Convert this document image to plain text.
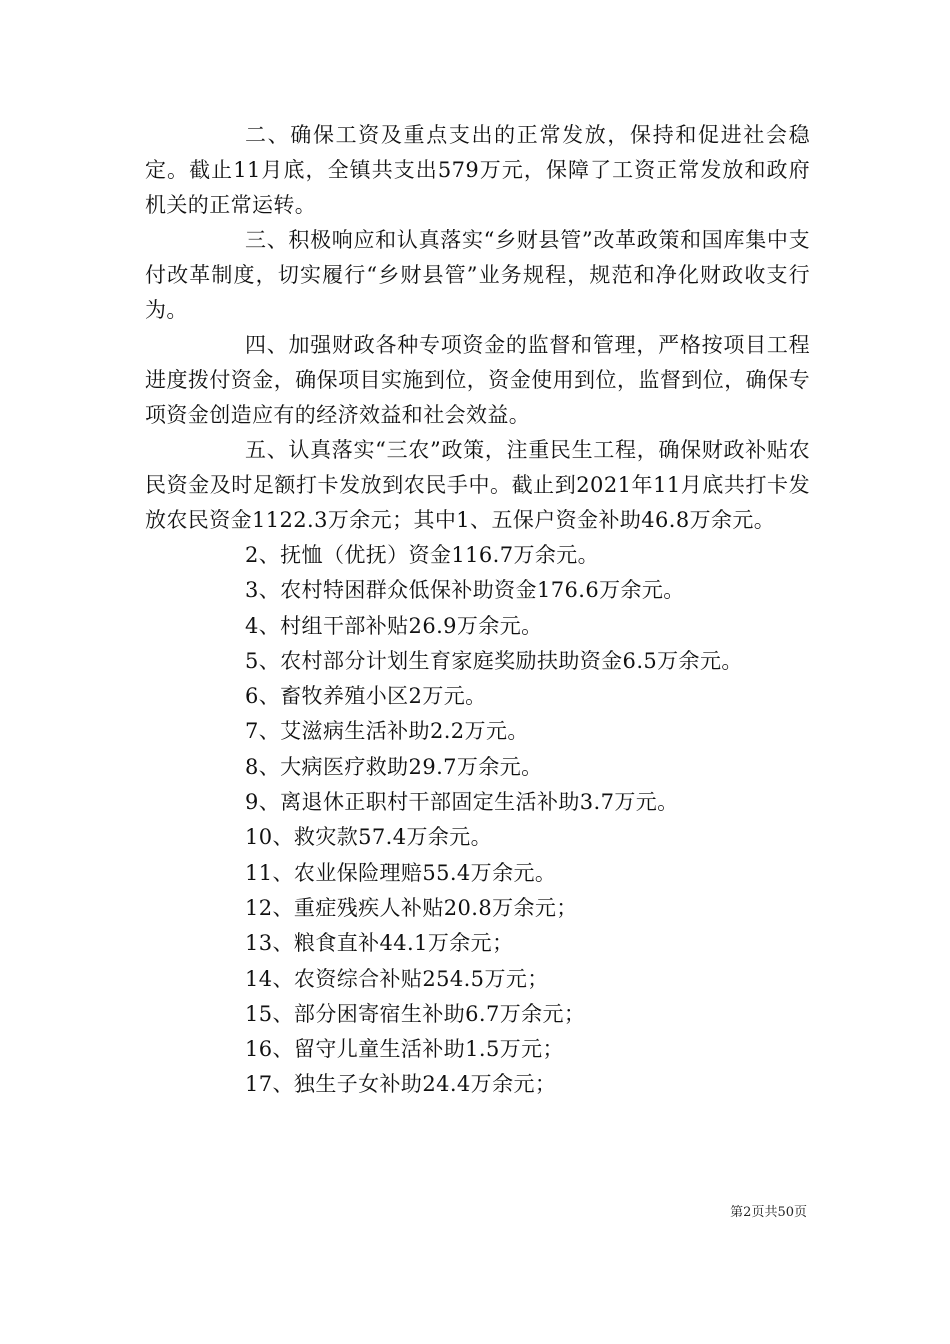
二、确保工资及重点支出的正常发放，保持和促进社会稳定。截止11月底，全镇共支出579万元，保障了工资正常发放和政府机关的正常运转。

三、积极响应和认真落实“乡财县管”改革政策和国库集中支付改革制度，切实履行“乡财县管”业务规程，规范和净化财政收支行为。

四、加强财政各种专项资金的监督和管理，严格按项目工程进度拨付资金，确保项目实施到位，资金使用到位，监督到位，确保专项资金创造应有的经济效益和社会效益。

五、认真落实“三农”政策，注重民生工程，确保财政补贴农民资金及时足额打卡发放到农民手中。截止到2021年11月底共打卡发放农民资金1122.3万余元；其中1、五保户资金补助46.8万余元。

2、抚恤（优抚）资金116.7万余元。
3、农村特困群众低保补助资金176.6万余元。
4、村组干部补贴26.9万余元。
5、农村部分计划生育家庭奖励扶助资金6.5万余元。
6、畜牧养殖小区2万元。
7、艾滋病生活补助2.2万元。
8、大病医疗救助29.7万余元。
9、离退休正职村干部固定生活补助3.7万元。
10、救灾款57.4万余元。
11、农业保险理赔55.4万余元。
12、重症残疾人补贴20.8万余元；
13、粮食直补44.1万余元；
14、农资综合补贴254.5万元；
15、部分困寄宿生补助6.7万余元；
16、留守儿童生活补助1.5万元；
17、独生子女补助24.4万余元；
第2页共50页
